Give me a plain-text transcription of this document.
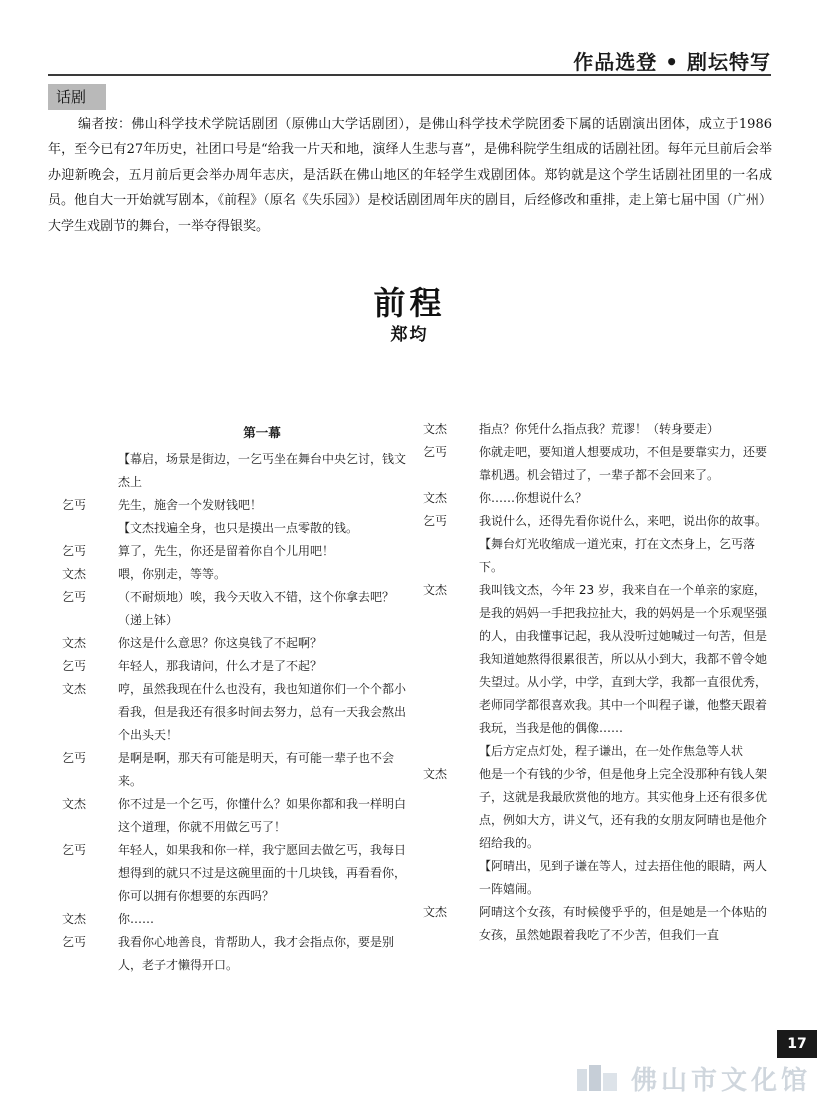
作品选登 • 剧坛特写
话剧
编者按：佛山科学技术学院话剧团（原佛山大学话剧团），是佛山科学技术学院团委下属的话剧演出团体，成立于1986年，至今已有27年历史，社团口号是“给我一片天和地，演绎人生悲与喜”，是佛科院学生组成的话剧社团。每年元旦前后会举办迎新晚会，五月前后更会举办周年志庆，是活跃在佛山地区的年轻学生戏剧团体。郑钧就是这个学生话剧社团里的一名成员。他自大一开始就写剧本，《前程》（原名《失乐园》）是校话剧团周年庆的剧目，后经修改和重排，走上第七届中国（广州）大学生戏剧节的舞台，一举夺得银奖。
前程
郑均
第一幕
【幕启，场景是街边，一乞丐坐在舞台中央乞讨，钱文杰上
乞丐	先生，施舍一个发财钱吧！
【文杰找遍全身，也只是摸出一点零散的钱。
乞丐	算了，先生，你还是留着你自个儿用吧！
文杰	喂，你别走，等等。
乞丐	（不耐烦地）唉，我今天收入不错，这个你拿去吧？（递上钵）
文杰	你这是什么意思？你这臭钱了不起啊？
乞丐	年轻人，那我请问，什么才是了不起？
文杰	哼，虽然我现在什么也没有，我也知道你们一个个都小看我，但是我还有很多时间去努力，总有一天我会熬出个出头天！
乞丐	是啊是啊，那天有可能是明天，有可能一辈子也不会来。
文杰	你不过是一个乞丐，你懂什么？如果你都和我一样明白这个道理，你就不用做乞丐了！
乞丐	年轻人，如果我和你一样，我宁愿回去做乞丐，我每日想得到的就只不过是这碗里面的十几块钱，再看看你，你可以拥有你想要的东西吗？
文杰	你……
乞丐	我看你心地善良，肯帮助人，我才会指点你，要是别人，老子才懒得开口。
文杰	指点？你凭什么指点我？荒谬！（转身要走）
乞丐	你就走吧，要知道人想要成功，不但是要靠实力，还要靠机遇。机会错过了，一辈子都不会回来了。
文杰	你……你想说什么？
乞丐	我说什么，还得先看你说什么，来吧，说出你的故事。
【舞台灯光收缩成一道光束，打在文杰身上，乞丐落下。
文杰	我叫钱文杰，今年 23 岁，我来自在一个单亲的家庭，是我的妈妈一手把我拉扯大，我的妈妈是一个乐观坚强的人，由我懂事记起，我从没听过她喊过一句苦，但是我知道她熬得很累很苦，所以从小到大，我都不曾令她失望过。从小学，中学，直到大学，我都一直很优秀，老师同学都很喜欢我。其中一个叫程子谦，他整天跟着我玩，当我是他的偶像……
【后方定点灯处，程子谦出，在一处作焦急等人状
文杰	他是一个有钱的少爷，但是他身上完全没那种有钱人架子，这就是我最欣赏他的地方。其实他身上还有很多优点，例如大方，讲义气，还有我的女朋友阿晴也是他介绍给我的。
【阿晴出，见到子谦在等人，过去捂住他的眼睛，两人一阵嬉闹。
文杰	阿晴这个女孩，有时候傻乎乎的，但是她是一个体贴的女孩，虽然她跟着我吃了不少苦，但我们一直
17
佛山市文化馆
